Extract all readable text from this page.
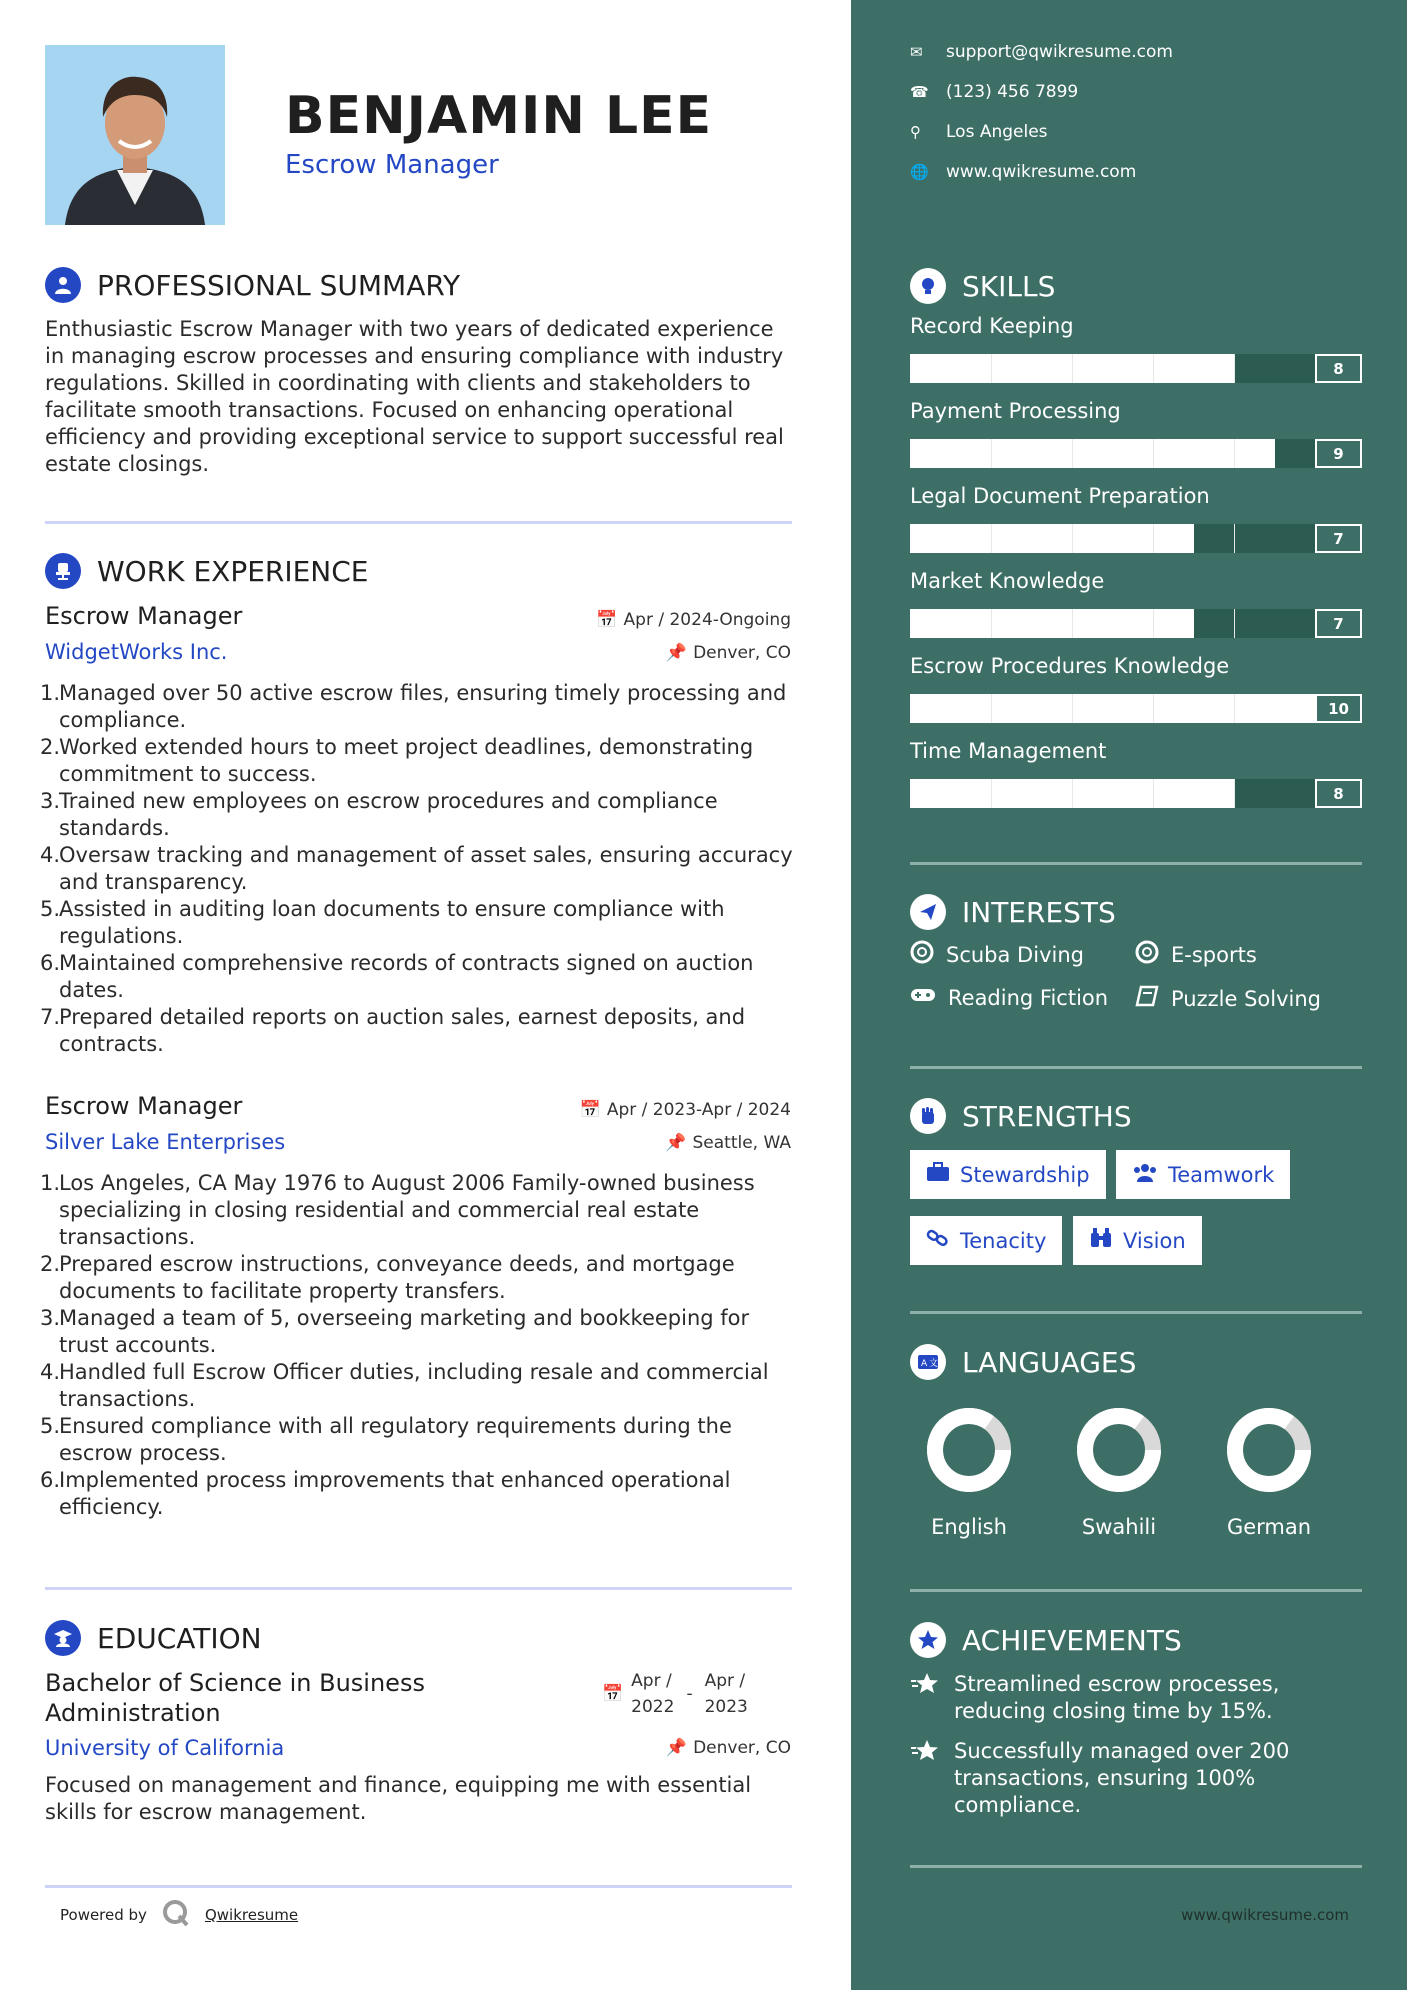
BENJAMIN LEE
Escrow Manager
PROFESSIONAL SUMMARY
Enthusiastic Escrow Manager with two years of dedicated experience in managing escrow processes and ensuring compliance with industry regulations. Skilled in coordinating with clients and stakeholders to facilitate smooth transactions. Focused on enhancing operational efficiency and providing exceptional service to support successful real estate closings.
WORK EXPERIENCE
Escrow Manager
WidgetWorks Inc.
📅 Apr / 2024-Ongoing
📌 Denver, CO
1.
Managed over 50 active escrow files, ensuring timely processing and compliance.
2.
Worked extended hours to meet project deadlines, demonstrating commitment to success.
3.
Trained new employees on escrow procedures and compliance standards.
4.
Oversaw tracking and management of asset sales, ensuring accuracy and transparency.
5.
Assisted in auditing loan documents to ensure compliance with regulations.
6.
Maintained comprehensive records of contracts signed on auction dates.
7.
Prepared detailed reports on auction sales, earnest deposits, and contracts.
Escrow Manager
Silver Lake Enterprises
📅 Apr / 2023-Apr / 2024
📌 Seattle, WA
1.
Los Angeles, CA May 1976 to August 2006 Family-owned business specializing in closing residential and commercial real estate transactions.
2.
Prepared escrow instructions, conveyance deeds, and mortgage documents to facilitate property transfers.
3.
Managed a team of 5, overseeing marketing and bookkeeping for trust accounts.
4.
Handled full Escrow Officer duties, including resale and commercial transactions.
5.
Ensured compliance with all regulatory requirements during the escrow process.
6.
Implemented process improvements that enhanced operational efficiency.
EDUCATION
Bachelor of Science in Business
Administration
University of California
📅
Apr /
2022
-
Apr /
2023
📌 Denver, CO
Focused on management and finance, equipping me with essential skills for escrow management.
Powered by	Qwikresume
✉	support@qwikresume.com
☎	(123) 456 7899
⚲	Los Angeles
🌐	www.qwikresume.com
SKILLS
Record Keeping
8
Payment Processing
9
Legal Document Preparation
7
Market Knowledge
7
Escrow Procedures Knowledge
10
Time Management
8
INTERESTS
Scuba Diving	E-sports
Reading Fiction	Puzzle Solving
STRENGTHS
Stewardship	Teamwork
Tenacity	Vision
A 文 LANGUAGES
English	Swahili	German
ACHIEVEMENTS
Streamlined escrow processes, reducing closing time by 15%.
Successfully managed over 200 transactions, ensuring 100% compliance.
www.qwikresume.com
